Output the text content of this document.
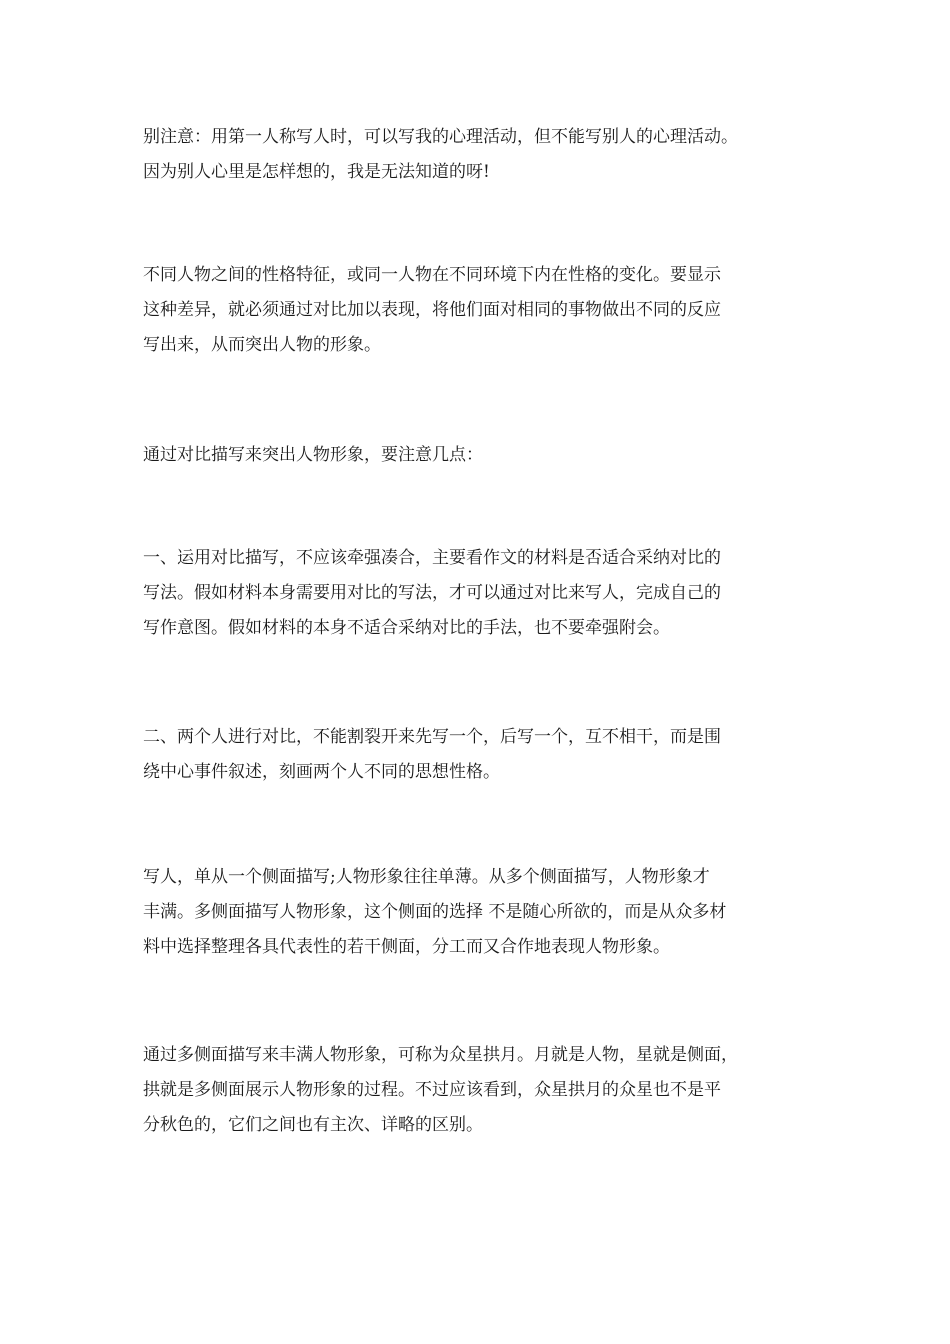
别注意：用第一人称写人时，可以写我的心理活动，但不能写别人的心理活动。
因为别人心里是怎样想的，我是无法知道的呀!

不同人物之间的性格特征，或同一人物在不同环境下内在性格的变化。要显示
这种差异，就必须通过对比加以表现，将他们面对相同的事物做出不同的反应
写出来，从而突出人物的形象。

通过对比描写来突出人物形象，要注意几点：

一、运用对比描写，不应该牵强凑合，主要看作文的材料是否适合采纳对比的
写法。假如材料本身需要用对比的写法，才可以通过对比来写人，完成自己的
写作意图。假如材料的本身不适合采纳对比的手法，也不要牵强附会。

二、两个人进行对比，不能割裂开来先写一个，后写一个，互不相干，而是围
绕中心事件叙述，刻画两个人不同的思想性格。

写人，单从一个侧面描写;人物形象往往单薄。从多个侧面描写，人物形象才
丰满。多侧面描写人物形象，这个侧面的选择 不是随心所欲的，而是从众多材
料中选择整理各具代表性的若干侧面，分工而又合作地表现人物形象。

通过多侧面描写来丰满人物形象，可称为众星拱月。月就是人物，星就是侧面，
拱就是多侧面展示人物形象的过程。不过应该看到，众星拱月的众星也不是平
分秋色的，它们之间也有主次、详略的区别。
